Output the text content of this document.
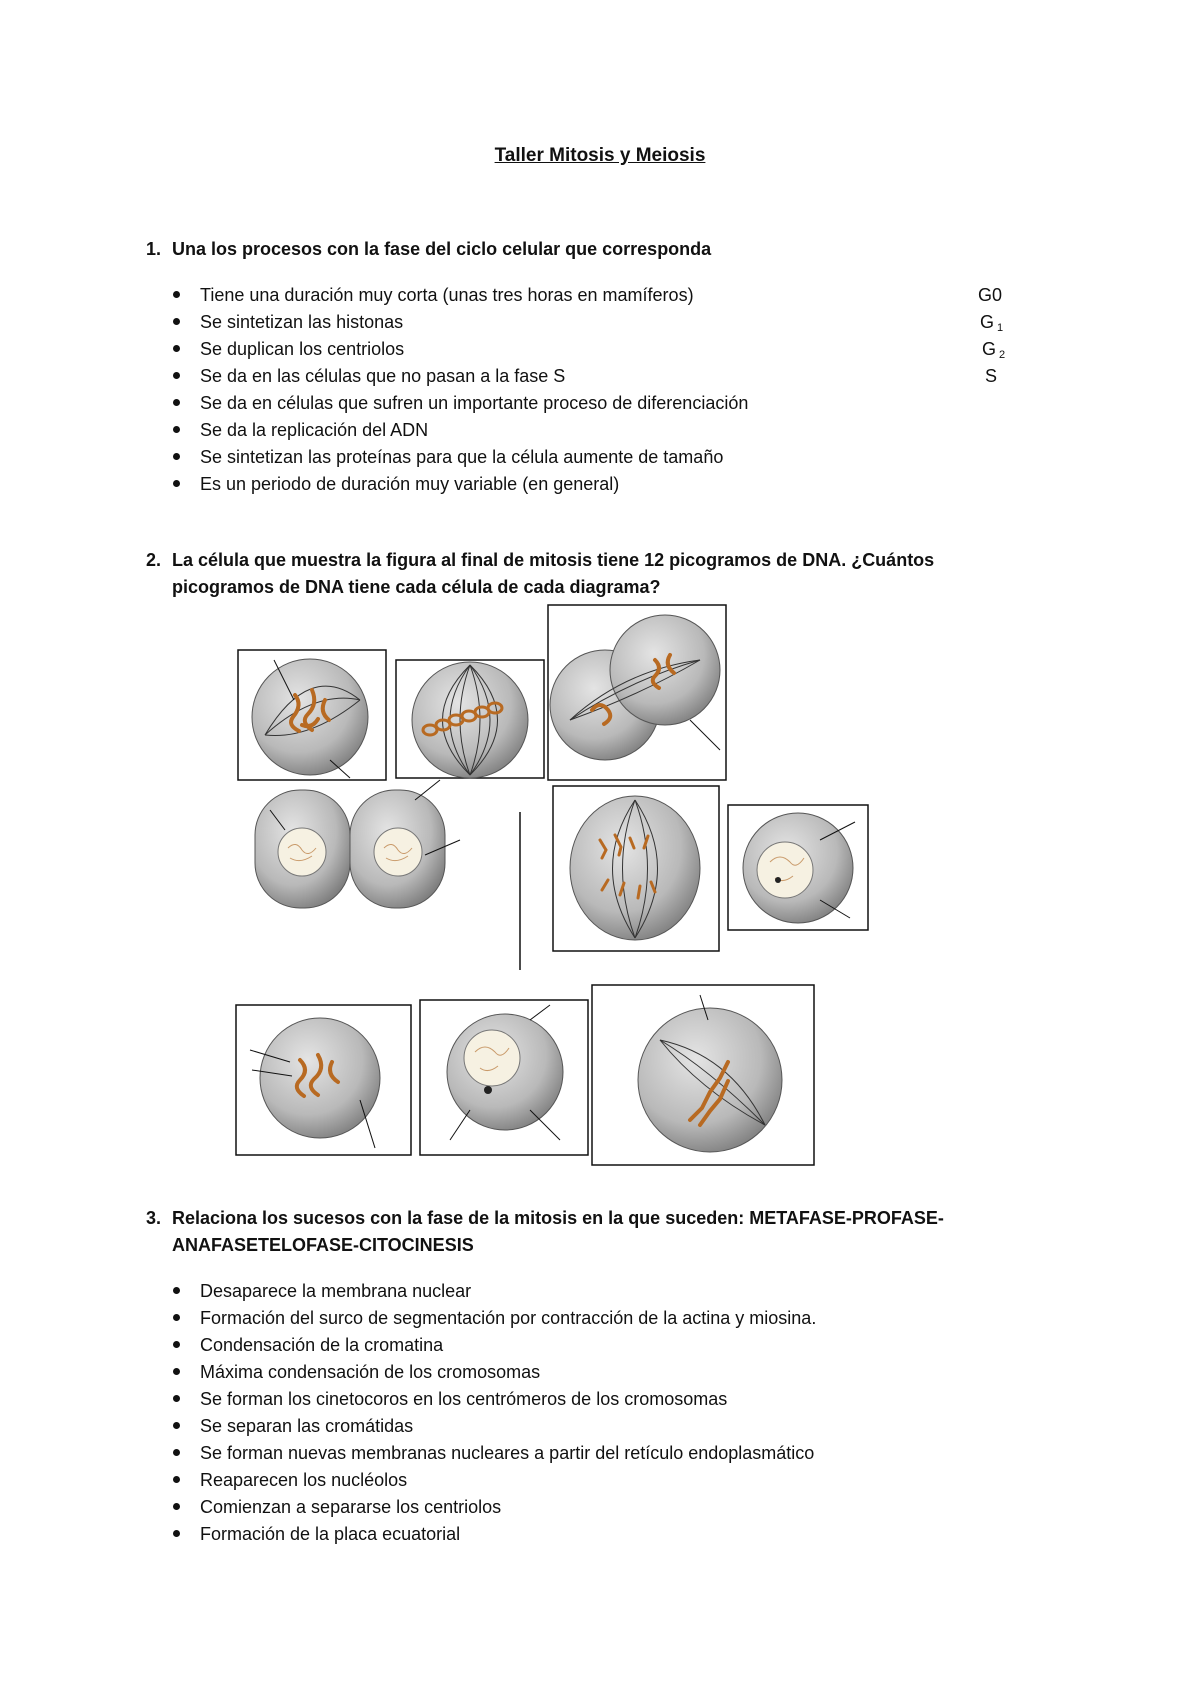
Taller Mitosis y Meiosis
1. Una los procesos con la fase del ciclo celular que corresponda
Tiene una duración muy corta (unas tres horas en mamíferos)
Se sintetizan las histonas
Se duplican los centriolos
Se da en las células que no pasan a la fase S
Se da en células que sufren un importante proceso de diferenciación
Se da la replicación del ADN
Se sintetizan las proteínas para que la célula aumente de tamaño
Es un periodo de duración muy variable (en general)
G0
G $_1$
G $_2$
S
2. La célula que muestra la figura al final de mitosis tiene 12 picogramos de DNA. ¿Cuántos
picogramos de DNA tiene cada célula de cada diagrama?
3. Relaciona los sucesos con la fase de la mitosis en la que suceden: METAFASE-PROFASE-
ANAFASETELOFASE-CITOCINESIS
Desaparece la membrana nuclear
Formación del surco de segmentación por contracción de la actina y miosina.
Condensación de la cromatina
Máxima condensación de los cromosomas
Se forman los cinetocoros en los centrómeros de los cromosomas
Se separan las cromátidas
Se forman nuevas membranas nucleares a partir del retículo endoplasmático
Reaparecen los nucléolos
Comienzan a separarse los centriolos
Formación de la placa ecuatorial
